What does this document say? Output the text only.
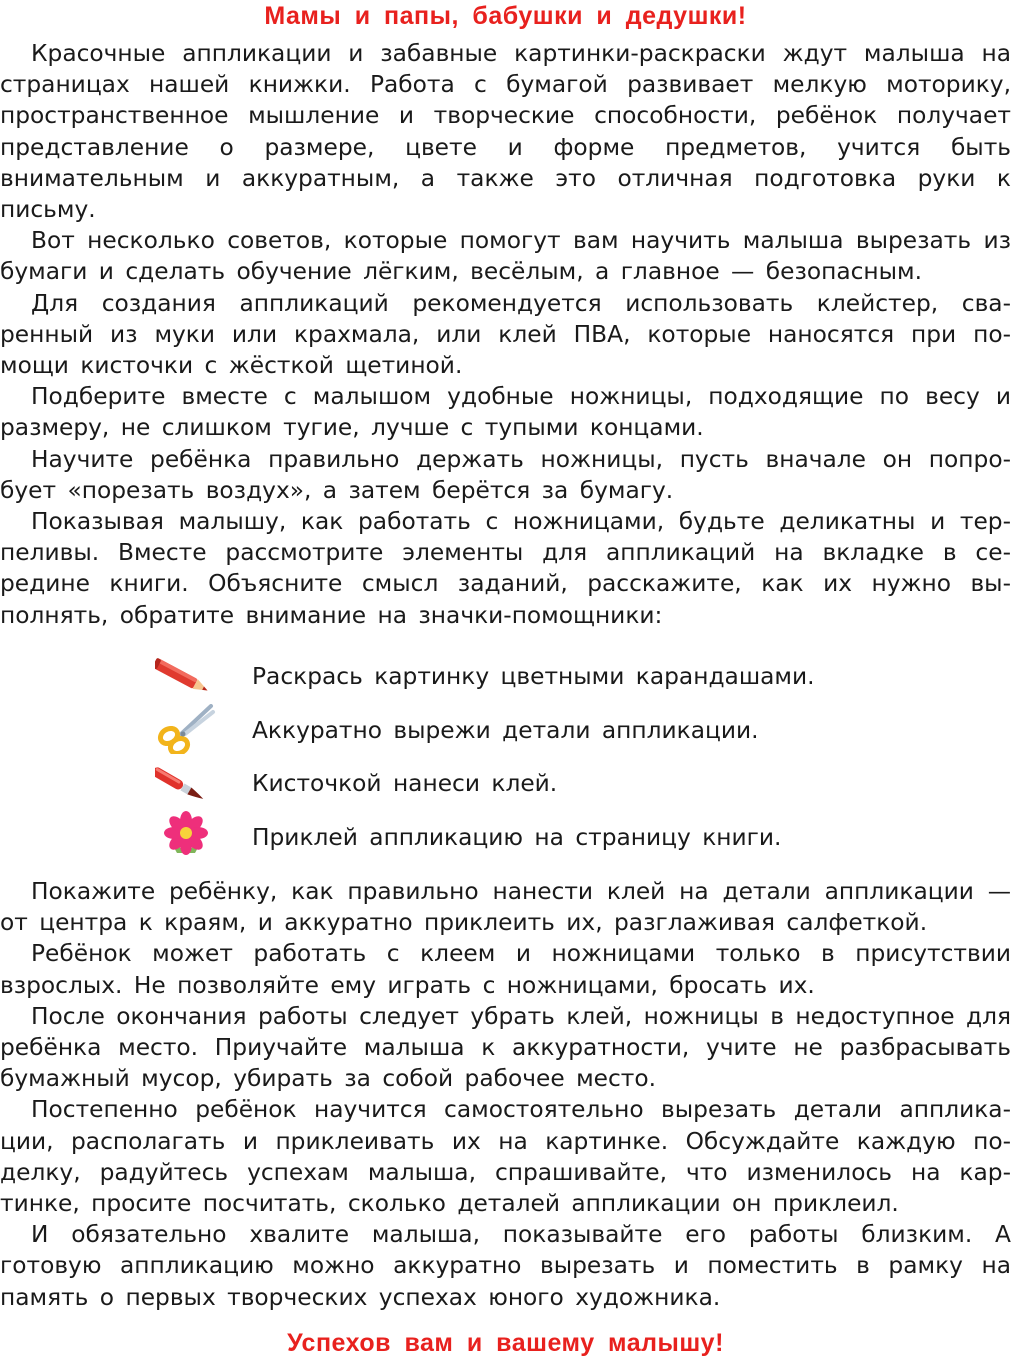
Мамы и папы, бабушки и дедушки!

Красочные аппликации и забавные картинки-раскраски ждут малыша на страницах нашей книжки. Работа с бумагой развивает мелкую моторику, пространственное мышление и творческие способности, ребёнок получает представление о размере, цвете и форме предметов, учится быть внимательным и аккуратным, а также это отличная подготовка руки к письму.

Вот несколько советов, которые помогут вам научить малыша вырезать из бумаги и сделать обучение лёгким, весёлым, а главное — безопасным.

Для создания аппликаций рекомендуется использовать клейстер, сваренный из муки или крахмала, или клей ПВА, которые наносятся при помощи кисточки с жёсткой щетиной.

Подберите вместе с малышом удобные ножницы, подходящие по весу и размеру, не слишком тугие, лучше с тупыми концами.

Научите ребёнка правильно держать ножницы, пусть вначале он попробует «порезать воздух», а затем берётся за бумагу.

Показывая малышу, как работать с ножницами, будьте деликатны и терпеливы. Вместе рассмотрите элементы для аппликаций на вкладке в середине книги. Объясните смысл заданий, расскажите, как их нужно выполнять, обратите внимание на значки-помощники:

Раскрась картинку цветными карандашами.
Аккуратно вырежи детали аппликации.
Кисточкой нанеси клей.
Приклей аппликацию на страницу книги.

Покажите ребёнку, как правильно нанести клей на детали аппликации — от центра к краям, и аккуратно приклеить их, разглаживая салфеткой.

Ребёнок может работать с клеем и ножницами только в присутствии взрослых. Не позволяйте ему играть с ножницами, бросать их.

После окончания работы следует убрать клей, ножницы в недоступное для ребёнка место. Приучайте малыша к аккуратности, учите не разбрасывать бумажный мусор, убирать за собой рабочее место.

Постепенно ребёнок научится самостоятельно вырезать детали аппликации, располагать и приклеивать их на картинке. Обсуждайте каждую поделку, радуйтесь успехам малыша, спрашивайте, что изменилось на картинке, просите посчитать, сколько деталей аппликации он приклеил.

И обязательно хвалите малыша, показывайте его работы близким. А готовую аппликацию можно аккуратно вырезать и поместить в рамку на память о первых творческих успехах юного художника.

Успехов вам и вашему малышу!
